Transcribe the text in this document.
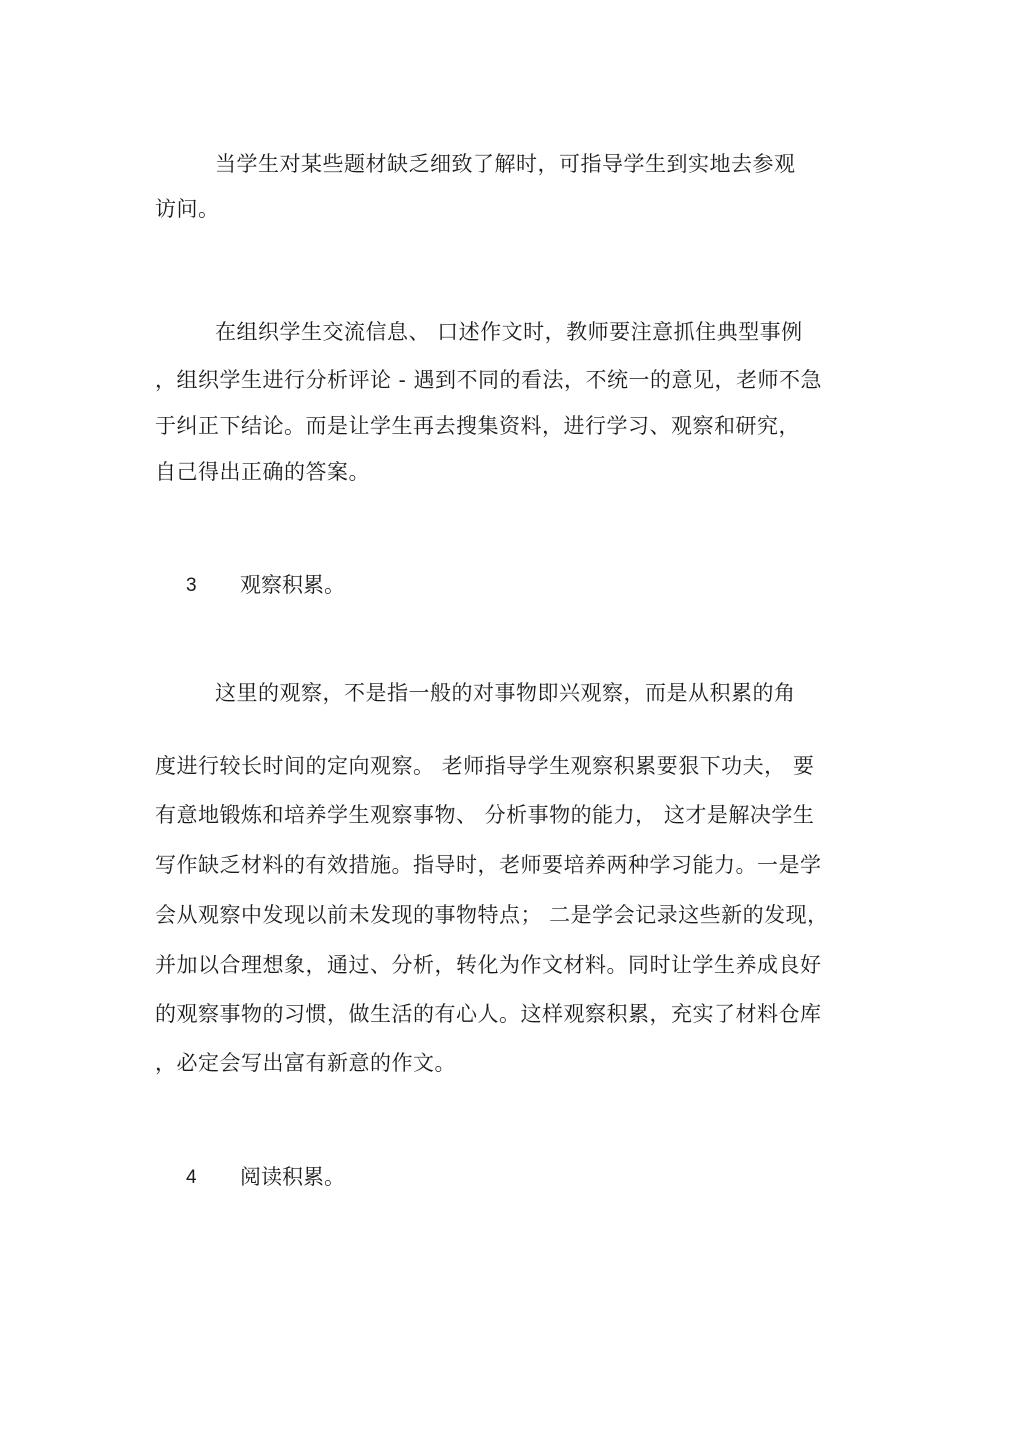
当学生对某些题材缺乏细致了解时，可指导学生到实地去参观
访问。
在组织学生交流信息、 口述作文时，教师要注意抓住典型事例
，组织学生进行分析评论 - 遇到不同的看法，不统一的意见，老师不急
于纠正下结论。而是让学生再去搜集资料，进行学习、观察和研究，
自己得出正确的答案。
3 观察积累。
这里的观察，不是指一般的对事物即兴观察，而是从积累的角
度进行较长时间的定向观察。 老师指导学生观察积累要狠下功夫， 要
有意地锻炼和培养学生观察事物、 分析事物的能力， 这才是解决学生
写作缺乏材料的有效措施。指导时，老师要培养两种学习能力。一是学
会从观察中发现以前未发现的事物特点； 二是学会记录这些新的发现，
并加以合理想象，通过、分析，转化为作文材料。同时让学生养成良好
的观察事物的习惯，做生活的有心人。这样观察积累，充实了材料仓库
，必定会写出富有新意的作文。
4 阅读积累。
